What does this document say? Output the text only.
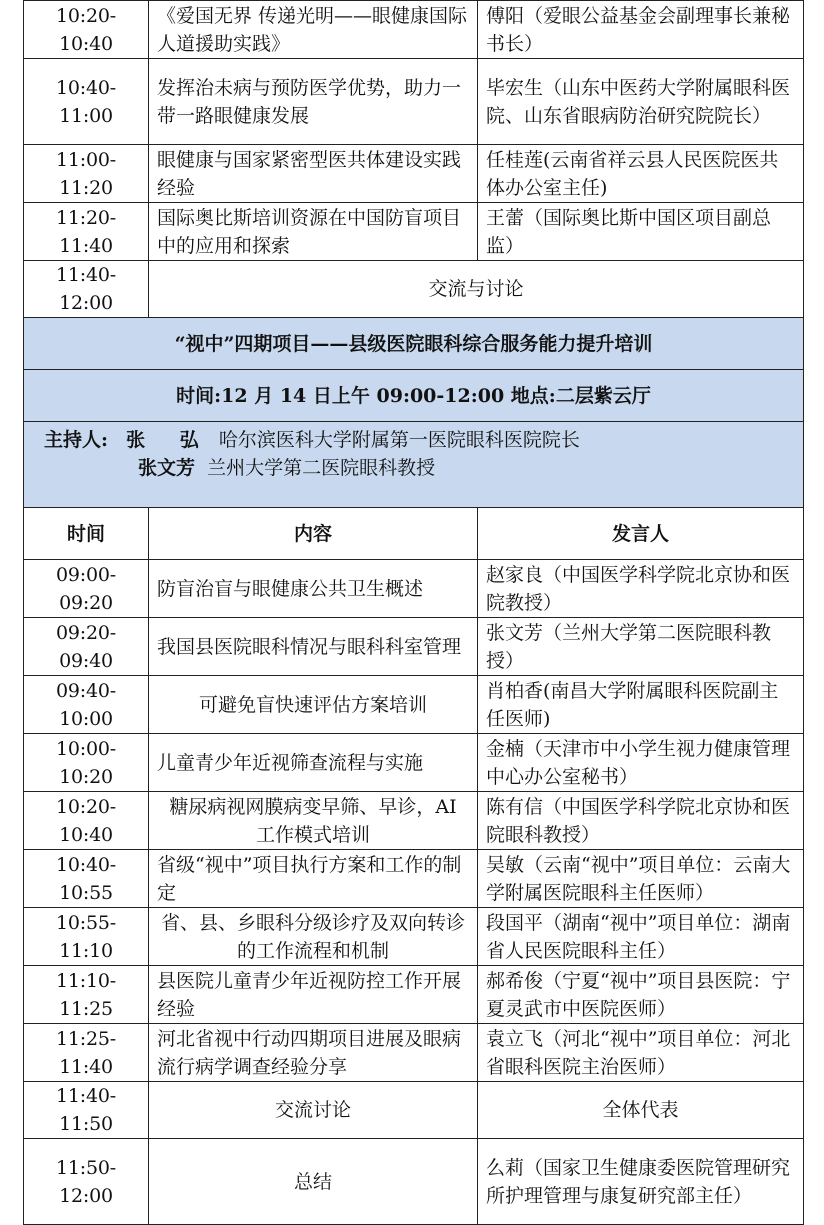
10:20-10:40	《爱国无界 传递光明——眼健康国际人道援助实践》	傅阳（爱眼公益基金会副理事长兼秘书长）
10:40-11:00	发挥治未病与预防医学优势，助力一带一路眼健康发展	毕宏生（山东中医药大学附属眼科医院、山东省眼病防治研究院院长）
11:00-11:20	眼健康与国家紧密型医共体建设实践经验	任桂莲(云南省祥云县人民医院医共体办公室主任)
11:20-11:40	国际奥比斯培训资源在中国防盲项目中的应用和探索	王蕾（国际奥比斯中国区项目副总监）
11:40-12:00	交流与讨论	
“视中”四期项目——县级医院眼科综合服务能力提升培训		
时间:12 月 14 日上午 09:00-12:00 地点:二层紫云厅		

主持人: 张 弘 哈尔滨医科大学附属第一医院眼科医院院长
张文芳 兰州大学第二医院眼科教授		

时间	内容	发言人
09:00-09:20	防盲治盲与眼健康公共卫生概述	赵家良（中国医学科学院北京协和医院教授）
09:20-09:40	我国县医院眼科情况与眼科科室管理	张文芳（兰州大学第二医院眼科教授）
09:40-10:00	可避免盲快速评估方案培训	肖柏香(南昌大学附属眼科医院副主任医师)
10:00-10:20	儿童青少年近视筛查流程与实施	金楠（天津市中小学生视力健康管理中心办公室秘书）
10:20-10:40	糖尿病视网膜病变早筛、早诊，AI 工作模式培训	陈有信（中国医学科学院北京协和医院眼科教授）
10:40-10:55	省级“视中”项目执行方案和工作的制定	吴敏（云南“视中”项目单位：云南大学附属医院眼科主任医师）
10:55-11:10	省、县、乡眼科分级诊疗及双向转诊的工作流程和机制	段国平（湖南“视中”项目单位：湖南省人民医院眼科主任）
11:10-11:25	县医院儿童青少年近视防控工作开展经验	郝希俊（宁夏“视中”项目县医院：宁夏灵武市中医院医师）
11:25-11:40	河北省视中行动四期项目进展及眼病流行病学调查经验分享	袁立飞（河北“视中”项目单位：河北省眼科医院主治医师）
11:40-11:50	交流讨论	全体代表
11:50-12:00	总结	么莉（国家卫生健康委医院管理研究所护理管理与康复研究部主任）
